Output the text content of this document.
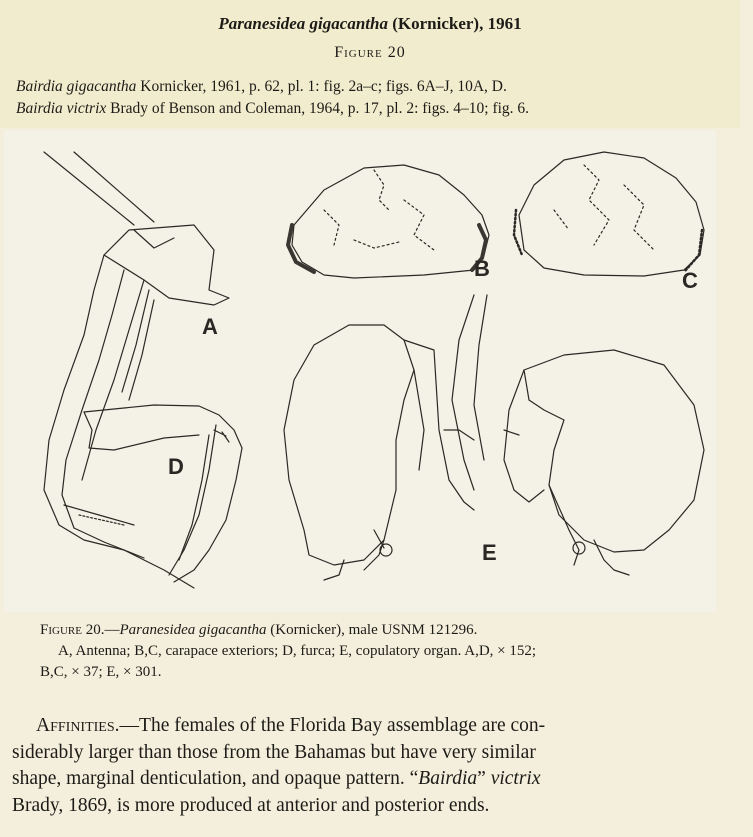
Paranesidea gigacantha (Kornicker), 1961
Figure 20
Bairdia gigacantha Kornicker, 1961, p. 62, pl. 1: fig. 2a–c; figs. 6A–J, 10A, D.
Bairdia victrix Brady of Benson and Coleman, 1964, p. 17, pl. 2: figs. 4–10; fig. 6.
A
B	C
D
E
Figure 20.—Paranesidea gigacantha (Kornicker), male USNM 121296.
A, Antenna; B,C, carapace exteriors; D, furca; E, copulatory organ. A,D, × 152;
B,C, × 37; E, × 301.
Affinities.—The females of the Florida Bay assemblage are con-
siderably larger than those from the Bahamas but have very similar
shape, marginal denticulation, and opaque pattern. “Bairdia” victrix
Brady, 1869, is more produced at anterior and posterior ends.
